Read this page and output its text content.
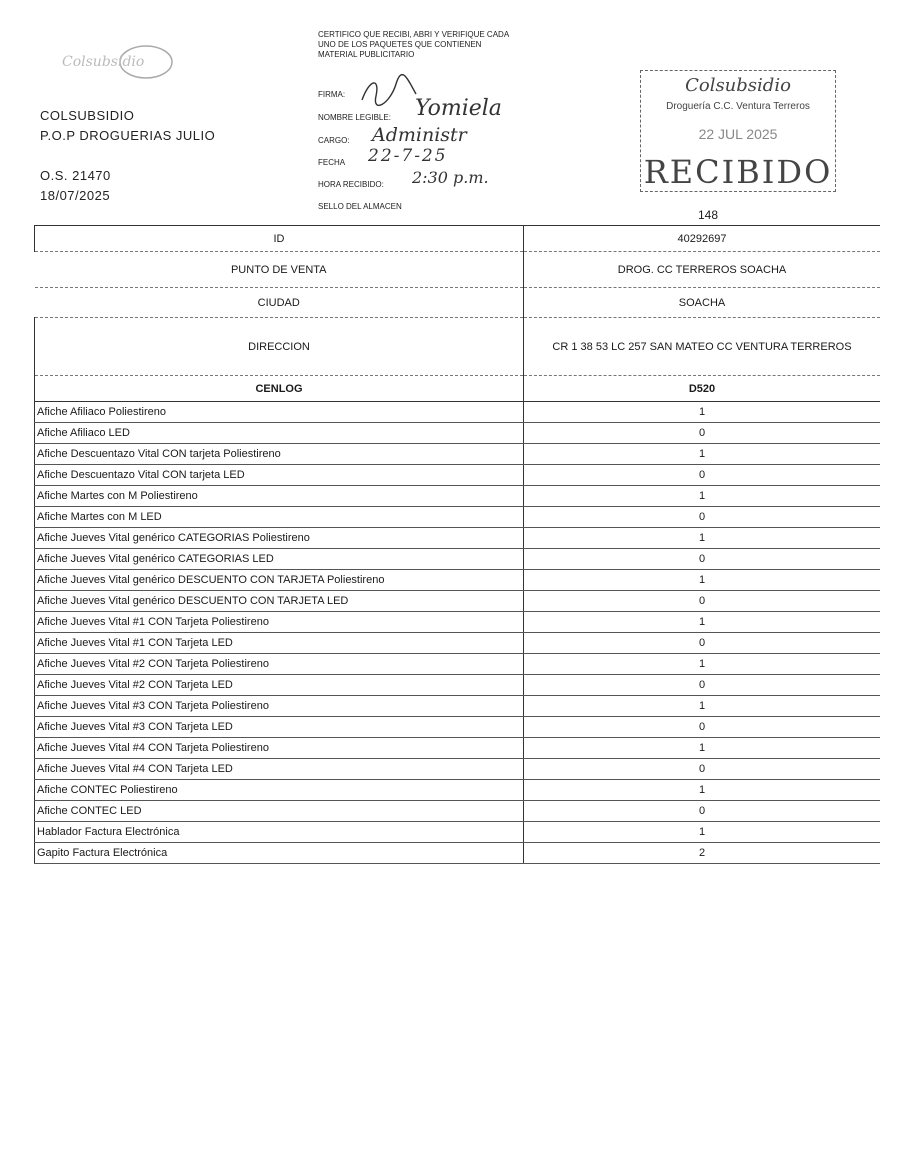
Colsubsidio
COLSUBSIDIO
P.O.P DROGUERIAS JULIO
O.S. 21470
18/07/2025
CERTIFICO QUE RECIBI, ABRI Y VERIFIQUE CADA UNO DE LOS PAQUETES QUE CONTIENEN MATERIAL PUBLICITARIO
FIRMA:
NOMBRE LEGIBLE: Yomiela
CARGO: Administr
FECHA 22-7-25
HORA RECIBIDO: 2:30 p.m.
SELLO DEL ALMACEN
Colsubsidio
Droguería C.C. Ventura Terreros
22 JUL 2025
RECIBIDO
148
ID	40292697
PUNTO DE VENTA	DROG. CC TERREROS SOACHA
CIUDAD	SOACHA
DIRECCION	CR 1 38 53 LC 257 SAN MATEO CC VENTURA TERREROS
CENLOG	D520
Afiche Afiliaco Poliestireno	1
Afiche Afiliaco LED	0
Afiche Descuentazo Vital CON tarjeta Poliestireno	1
Afiche Descuentazo Vital CON tarjeta LED	0
Afiche Martes con M Poliestireno	1
Afiche Martes con M LED	0
Afiche Jueves Vital genérico CATEGORIAS Poliestireno	1
Afiche Jueves Vital genérico CATEGORIAS LED	0
Afiche Jueves Vital genérico DESCUENTO CON TARJETA Poliestireno	1
Afiche Jueves Vital genérico DESCUENTO CON TARJETA LED	0
Afiche Jueves Vital #1 CON Tarjeta Poliestireno	1
Afiche Jueves Vital #1 CON Tarjeta LED	0
Afiche Jueves Vital #2 CON Tarjeta Poliestireno	1
Afiche Jueves Vital #2 CON Tarjeta LED	0
Afiche Jueves Vital #3 CON Tarjeta Poliestireno	1
Afiche Jueves Vital #3 CON Tarjeta LED	0
Afiche Jueves Vital #4 CON Tarjeta Poliestireno	1
Afiche Jueves Vital #4 CON Tarjeta LED	0
Afiche CONTEC Poliestireno	1
Afiche CONTEC LED	0
Hablador Factura Electrónica	1
Gapito Factura Electrónica	2
